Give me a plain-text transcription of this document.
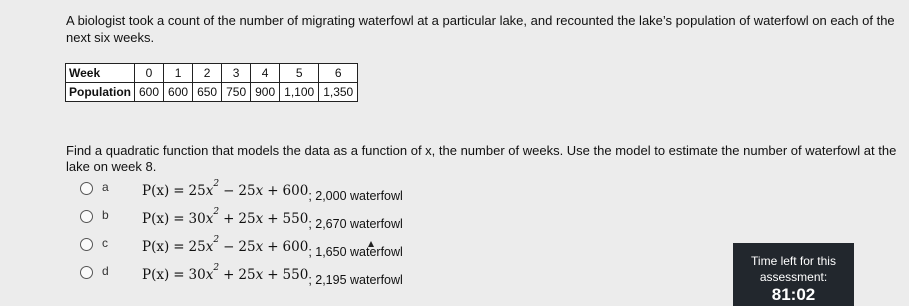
A biologist took a count of the number of migrating waterfowl at a particular lake, and recounted the lake’s population of waterfowl on each of the next six weeks.
Week	0	1	2	3	4	5	6
Population	600	600	650	750	900	1,100	1,350
Find a quadratic function that models the data as a function of x, the number of weeks. Use the model to estimate the number of waterfowl at the lake on week 8.
a $P(x) = 25x^2 - 25x + 600$; 2,000 waterfowl
b $P(x) = 30x^2 + 25x + 550$; 2,670 waterfowl
c	$P(x) = 25x^2 - 25x + 600$; 1,650 waterfowl
d $P(x) = 30x^2 + 25x + 550$; 2,195 waterfowl
Time left for this
assessment:
81:02
